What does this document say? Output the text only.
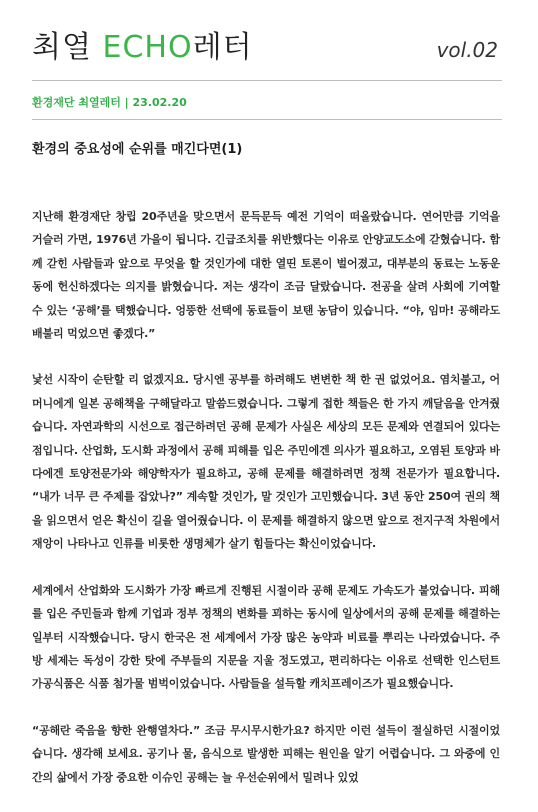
최열 ECHO레터	vol.02
환경재단 최열레터 | 23.02.20
환경의 중요성에 순위를 매긴다면(1)

지난해 환경재단 창립 20주년을 맞으면서 문득문득 예전 기억이 떠올랐습니다. 연어만큼 기억을 거슬러 가면, 1976년 가을이 됩니다. 긴급조치를 위반했다는 이유로 안양교도소에 갇혔습니다. 함께 갇힌 사람들과 앞으로 무엇을 할 것인가에 대한 열띤 토론이 벌어졌고, 대부분의 동료는 노동운동에 헌신하겠다는 의지를 밝혔습니다. 저는 생각이 조금 달랐습니다. 전공을 살려 사회에 기여할 수 있는 ‘공해’를 택했습니다. 엉뚱한 선택에 동료들이 보탠 농담이 있습니다. “야, 임마! 공해라도 배불리 먹었으면 좋겠다.”

낯선 시작이 순탄할 리 없겠지요. 당시엔 공부를 하려해도 변변한 책 한 권 없었어요. 염치불고, 어머니에게 일본 공해책을 구해달라고 말씀드렸습니다. 그렇게 접한 책들은 한 가지 깨달음을 안겨줬습니다. 자연과학의 시선으로 접근하려던 공해 문제가 사실은 세상의 모든 문제와 연결되어 있다는 점입니다. 산업화, 도시화 과정에서 공해 피해를 입은 주민에겐 의사가 필요하고, 오염된 토양과 바다에겐 토양전문가와 해양학자가 필요하고, 공해 문제를 해결하려면 정책 전문가가 필요합니다. “내가 너무 큰 주제를 잡았나?” 계속할 것인가, 말 것인가 고민했습니다. 3년 동안 250여 권의 책을 읽으면서 얻은 확신이 길을 열어줬습니다. 이 문제를 해결하지 않으면 앞으로 전지구적 차원에서 재앙이 나타나고 인류를 비롯한 생명체가 살기 힘들다는 확신이었습니다.

세계에서 산업화와 도시화가 가장 빠르게 진행된 시절이라 공해 문제도 가속도가 붙었습니다. 피해를 입은 주민들과 함께 기업과 정부 정책의 변화를 꾀하는 동시에 일상에서의 공해 문제를 해결하는 일부터 시작했습니다. 당시 한국은 전 세계에서 가장 많은 농약과 비료를 뿌리는 나라였습니다. 주방 세제는 독성이 강한 탓에 주부들의 지문을 지울 정도였고, 편리하다는 이유로 선택한 인스턴트 가공식품은 식품 첨가물 범벅이었습니다. 사람들을 설득할 캐치프레이즈가 필요했습니다.

“공해란 죽음을 향한 완행열차다.” 조금 무시무시한가요? 하지만 이런 설득이 절실하던 시절이었습니다. 생각해 보세요. 공기나 물, 음식으로 발생한 피해는 원인을 알기 어렵습니다. 그 와중에 인간의 삶에서 가장 중요한 이슈인 공해는 늘 우선순위에서 밀려나 있었
